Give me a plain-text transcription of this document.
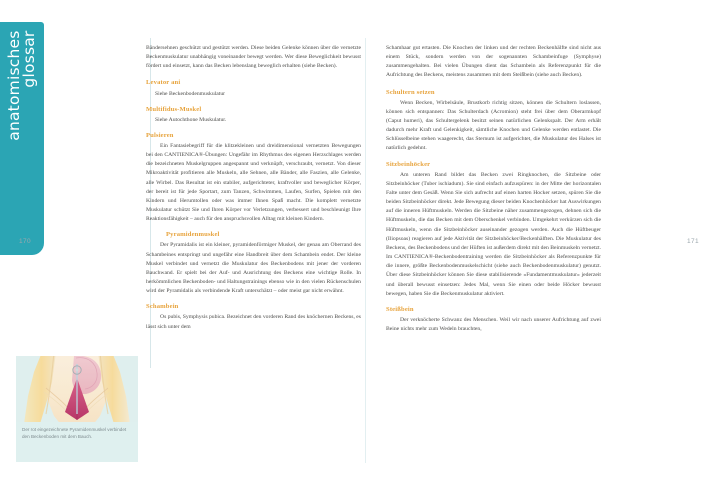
anatomisches
glossar
170	171

Bändersehnen geschützt und gestützt werden. Diese beiden Gelenke können über die vernetzte Beckenmuskulatur unabhängig voneinander bewegt werden. Wer diese Beweglichkeit bewusst fördert und einsetzt, kann das Becken lebenslang beweglich erhalten (siehe Becken).

Levator ani

Siehe Beckenbodenmuskulatur

Multifidus-Muskel

Siehe Autochthone Muskulatur.

Pulsieren

Ein Fantasiebegriff für die klitzekleinen und dreidimensional vernetzten Bewegungen bei den CANTIENICA®-Übungen: Ungefähr im Rhythmus des eigenen Herzschlages werden die bezeichneten Muskelgruppen angespannt und verknüpft, verschraubt, vernetzt. Von dieser Mikroaktivität profitieren alle Muskeln, alle Sehnen, alle Bänder, alle Faszien, alle Gelenke, alle Wirbel. Das Resultat ist ein stabiler, aufgerichteter, kraftvoller und beweglicher Körper, der bereit ist für jede Sportart, zum Tanzen, Schwimmen, Laufen, Surfen, Spielen mit den Kindern und Herumtollen oder was immer Ihnen Spaß macht. Die komplett vernetzte Muskulatur schützt Sie und Ihren Körper vor Verletzungen, verbessert und beschleunigt Ihre Reaktionsfähigkeit – auch für den anspruchsvollen Alltag mit kleinen Kindern.

Pyramidenmuskel

Der Pyramidalis ist ein kleiner, pyramidenförmiger Muskel, der genau am Oberrand des Schambeines entspringt und ungefähr eine Handbreit über dem Schambein endet. Der kleine Muskel verbindet und vernetzt die Muskulatur des Beckenbodens mit jener der vorderen Bauchwand. Er spielt bei der Auf- und Ausrichtung des Beckens eine wichtige Rolle. In herkömmlichen Beckenboden- und Haltungstrainings ebenso wie in den vielen Rückenschulen wird der Pyramidalis als verbindende Kraft unterschätzt – oder meist gar nicht erwähnt.

Schambein

Os pubis, Symphysis pubica. Bezeichnet den vorderen Rand des knöchernen Beckens, es lässt sich unter dem

Schamhaar gut ertasten. Die Knochen der linken und der rechten Beckenhälfte sind nicht aus einem Stück, sondern werden von der sogenannten Schambeinfuge (Symphyse) zusammengehalten. Bei vielen Übungen dient das Schambein als Referenzpunkt für die Aufrichtung des Beckens, meistens zusammen mit dem Steißbein (siehe auch Becken).

Schultern setzen

Wenn Becken, Wirbelsäule, Brustkorb richtig sitzen, können die Schultern loslassen, können sich entspannen: Das Schulterdach (Acromion) steht frei über dem Oberarmkopf (Caput humeri), das Schultergelenk besitzt seinen natürlichen Gelenkspalt. Der Arm erhält dadurch mehr Kraft und Gelenkigkeit, sämtliche Knochen und Gelenke werden entlastet. Die Schlüsselbeine stehen waagerecht, das Sternum ist aufgerichtet, die Muskulatur des Halses ist natürlich gedehnt.

Sitzbeinhöcker

Am unteren Rand bildet das Becken zwei Ringknochen, die Sitzbeine oder Sitzbeinhöcker (Tuber ischiadum). Sie sind einfach aufzuspüren: in der Mitte der horizontalen Falte unter dem Gesäß. Wenn Sie sich aufrecht auf einen harten Hocker setzen, spüren Sie die beiden Sitzbeinhöcker direkt. Jede Bewegung dieser beiden Knochenhöcker hat Auswirkungen auf die inneren Hüftmuskeln. Werden die Sitzbeine näher zusammengezogen, dehnen sich die Hüftmuskeln, die das Becken mit dem Oberschenkel verbinden. Umgekehrt verkürzen sich die Hüftmuskeln, wenn die Sitzbeinhöcker auseinander gezogen werden. Auch die Hüftbeuger (Iliopsoas) reagieren auf jede Aktivität der Sitzbeinhöcker/Beckenhälften. Die Muskulatur des Beckens, des Beckenbodens und der Hüften ist außerdem direkt mit den Beinmuskeln vernetzt. Im CANTIENICA®-Beckenbodentraining werden die Sitzbeinhöcker als Referenzpunkte für die innere, größte Beckenbodenmuskelschicht (siehe auch Beckenbodenmuskulatur) genutzt. Über diese Sitzbeinhöcker können Sie diese stabilisierende «Fundamentmuskulatur» jederzeit und überall bewusst einsetzen: Jedes Mal, wenn Sie einen oder beide Höcker bewusst bewegen, haben Sie die Beckenmuskulatur aktiviert.

Steißbein

Der verknöcherte Schwanz des Menschen. Weil wir nach unserer Aufrichtung auf zwei Beine nichts mehr zum Wedeln brauchten,

Der rot eingezeichnete Pyramidenmuskel verbindet den Beckenboden mit dem Bauch.
